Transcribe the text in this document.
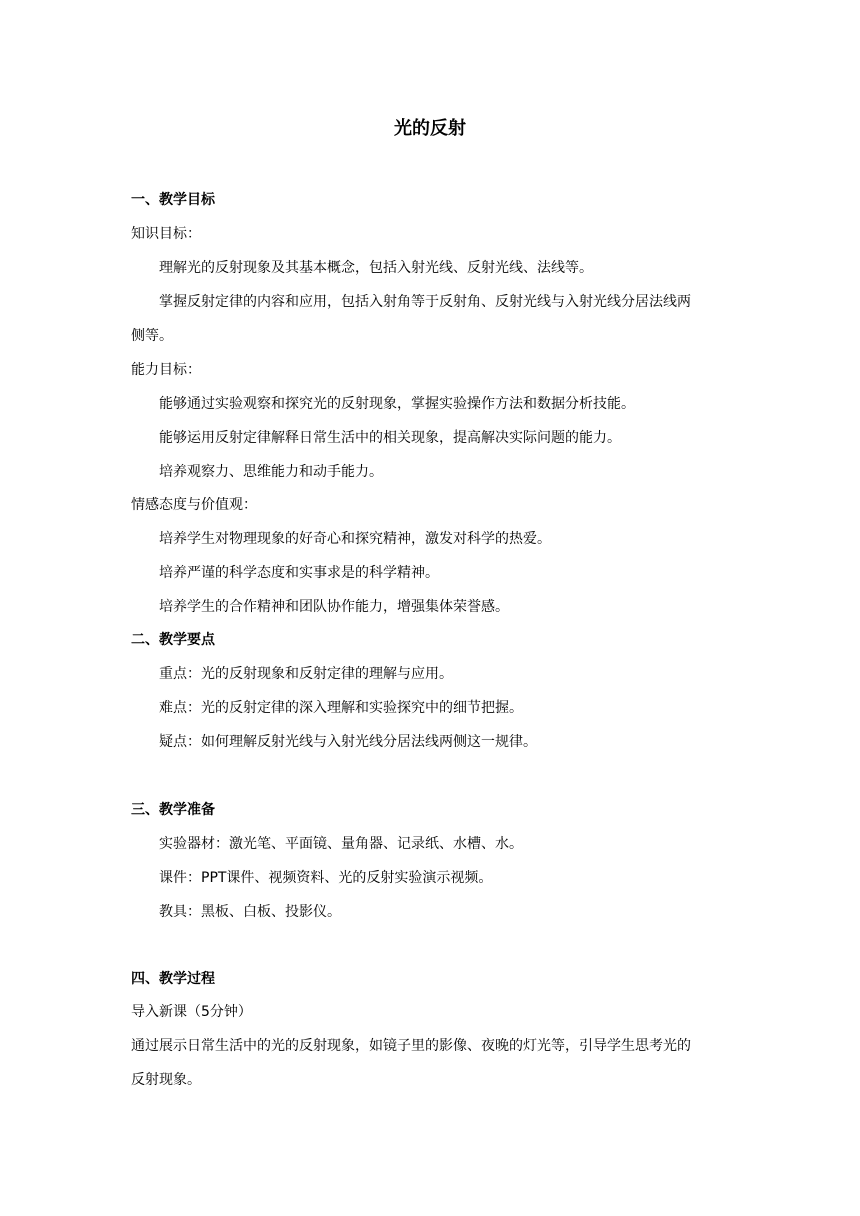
光的反射
一、教学目标
知识目标：
理解光的反射现象及其基本概念，包括入射光线、反射光线、法线等。
掌握反射定律的内容和应用，包括入射角等于反射角、反射光线与入射光线分居法线两
侧等。
能力目标：
能够通过实验观察和探究光的反射现象，掌握实验操作方法和数据分析技能。
能够运用反射定律解释日常生活中的相关现象，提高解决实际问题的能力。
培养观察力、思维能力和动手能力。
情感态度与价值观：
培养学生对物理现象的好奇心和探究精神，激发对科学的热爱。
培养严谨的科学态度和实事求是的科学精神。
培养学生的合作精神和团队协作能力，增强集体荣誉感。
二、教学要点
重点：光的反射现象和反射定律的理解与应用。
难点：光的反射定律的深入理解和实验探究中的细节把握。
疑点：如何理解反射光线与入射光线分居法线两侧这一规律。
三、教学准备
实验器材：激光笔、平面镜、量角器、记录纸、水槽、水。
课件：PPT课件、视频资料、光的反射实验演示视频。
教具：黑板、白板、投影仪。
四、教学过程
导入新课（5分钟）
通过展示日常生活中的光的反射现象，如镜子里的影像、夜晚的灯光等，引导学生思考光的
反射现象。
